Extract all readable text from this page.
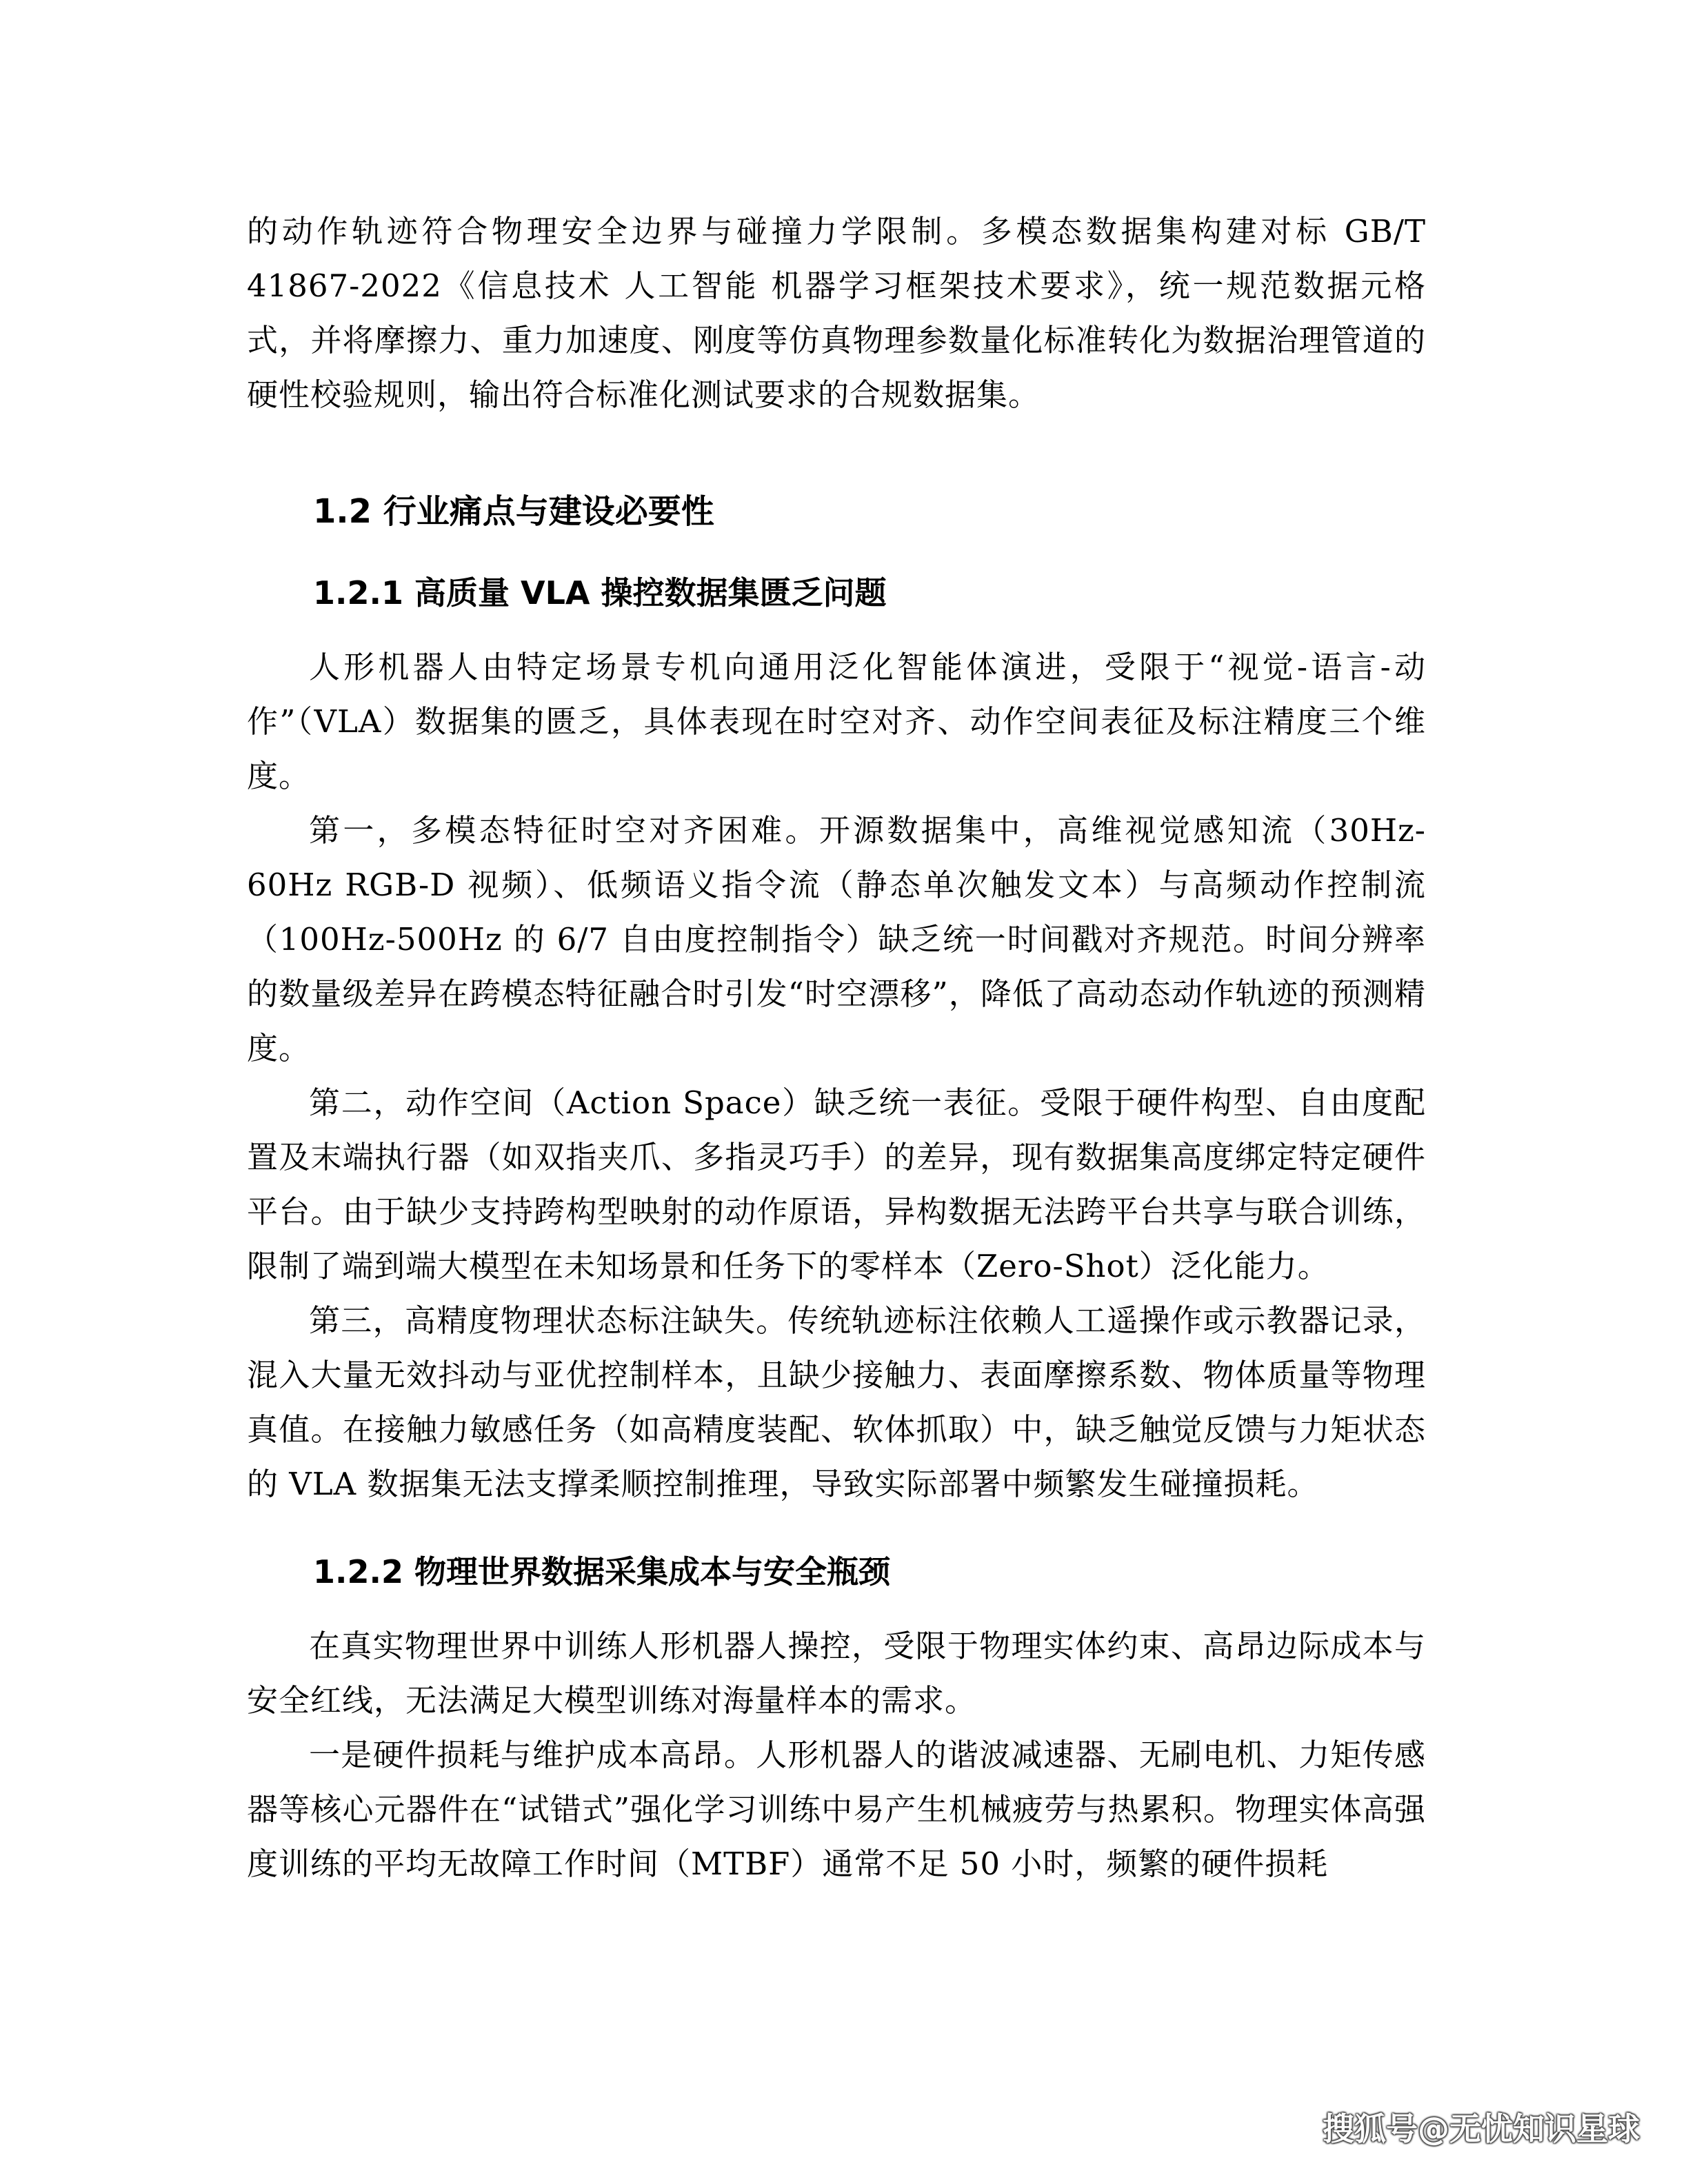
的动作轨迹符合物理安全边界与碰撞力学限制。多模态数据集构建对标 GB/T 41867-2022《信息技术 人工智能 机器学习框架技术要求》，统一规范数据元格式，并将摩擦力、重力加速度、刚度等仿真物理参数量化标准转化为数据治理管道的硬性校验规则，输出符合标准化测试要求的合规数据集。

1.2 行业痛点与建设必要性
1.2.1 高质量 VLA 操控数据集匮乏问题

人形机器人由特定场景专机向通用泛化智能体演进，受限于“视觉-语言-动作”（VLA）数据集的匮乏，具体表现在时空对齐、动作空间表征及标注精度三个维度。

第一，多模态特征时空对齐困难。开源数据集中，高维视觉感知流（30Hz-60Hz RGB-D 视频）、低频语义指令流（静态单次触发文本）与高频动作控制流（100Hz-500Hz 的 6/7 自由度控制指令）缺乏统一时间戳对齐规范。时间分辨率的数量级差异在跨模态特征融合时引发“时空漂移”，降低了高动态动作轨迹的预测精度。

第二，动作空间（Action Space）缺乏统一表征。受限于硬件构型、自由度配置及末端执行器（如双指夹爪、多指灵巧手）的差异，现有数据集高度绑定特定硬件平台。由于缺少支持跨构型映射的动作原语，异构数据无法跨平台共享与联合训练，限制了端到端大模型在未知场景和任务下的零样本（Zero-Shot）泛化能力。

第三，高精度物理状态标注缺失。传统轨迹标注依赖人工遥操作或示教器记录，混入大量无效抖动与亚优控制样本，且缺少接触力、表面摩擦系数、物体质量等物理真值。在接触力敏感任务（如高精度装配、软体抓取）中，缺乏触觉反馈与力矩状态的 VLA 数据集无法支撑柔顺控制推理，导致实际部署中频繁发生碰撞损耗。

1.2.2 物理世界数据采集成本与安全瓶颈

在真实物理世界中训练人形机器人操控，受限于物理实体约束、高昂边际成本与安全红线，无法满足大模型训练对海量样本的需求。

一是硬件损耗与维护成本高昂。人形机器人的谐波减速器、无刷电机、力矩传感器等核心元器件在“试错式”强化学习训练中易产生机械疲劳与热累积。物理实体高强度训练的平均无故障工作时间（MTBF）通常不足 50 小时，频繁的硬件损耗

搜狐号@无忧知识星球
